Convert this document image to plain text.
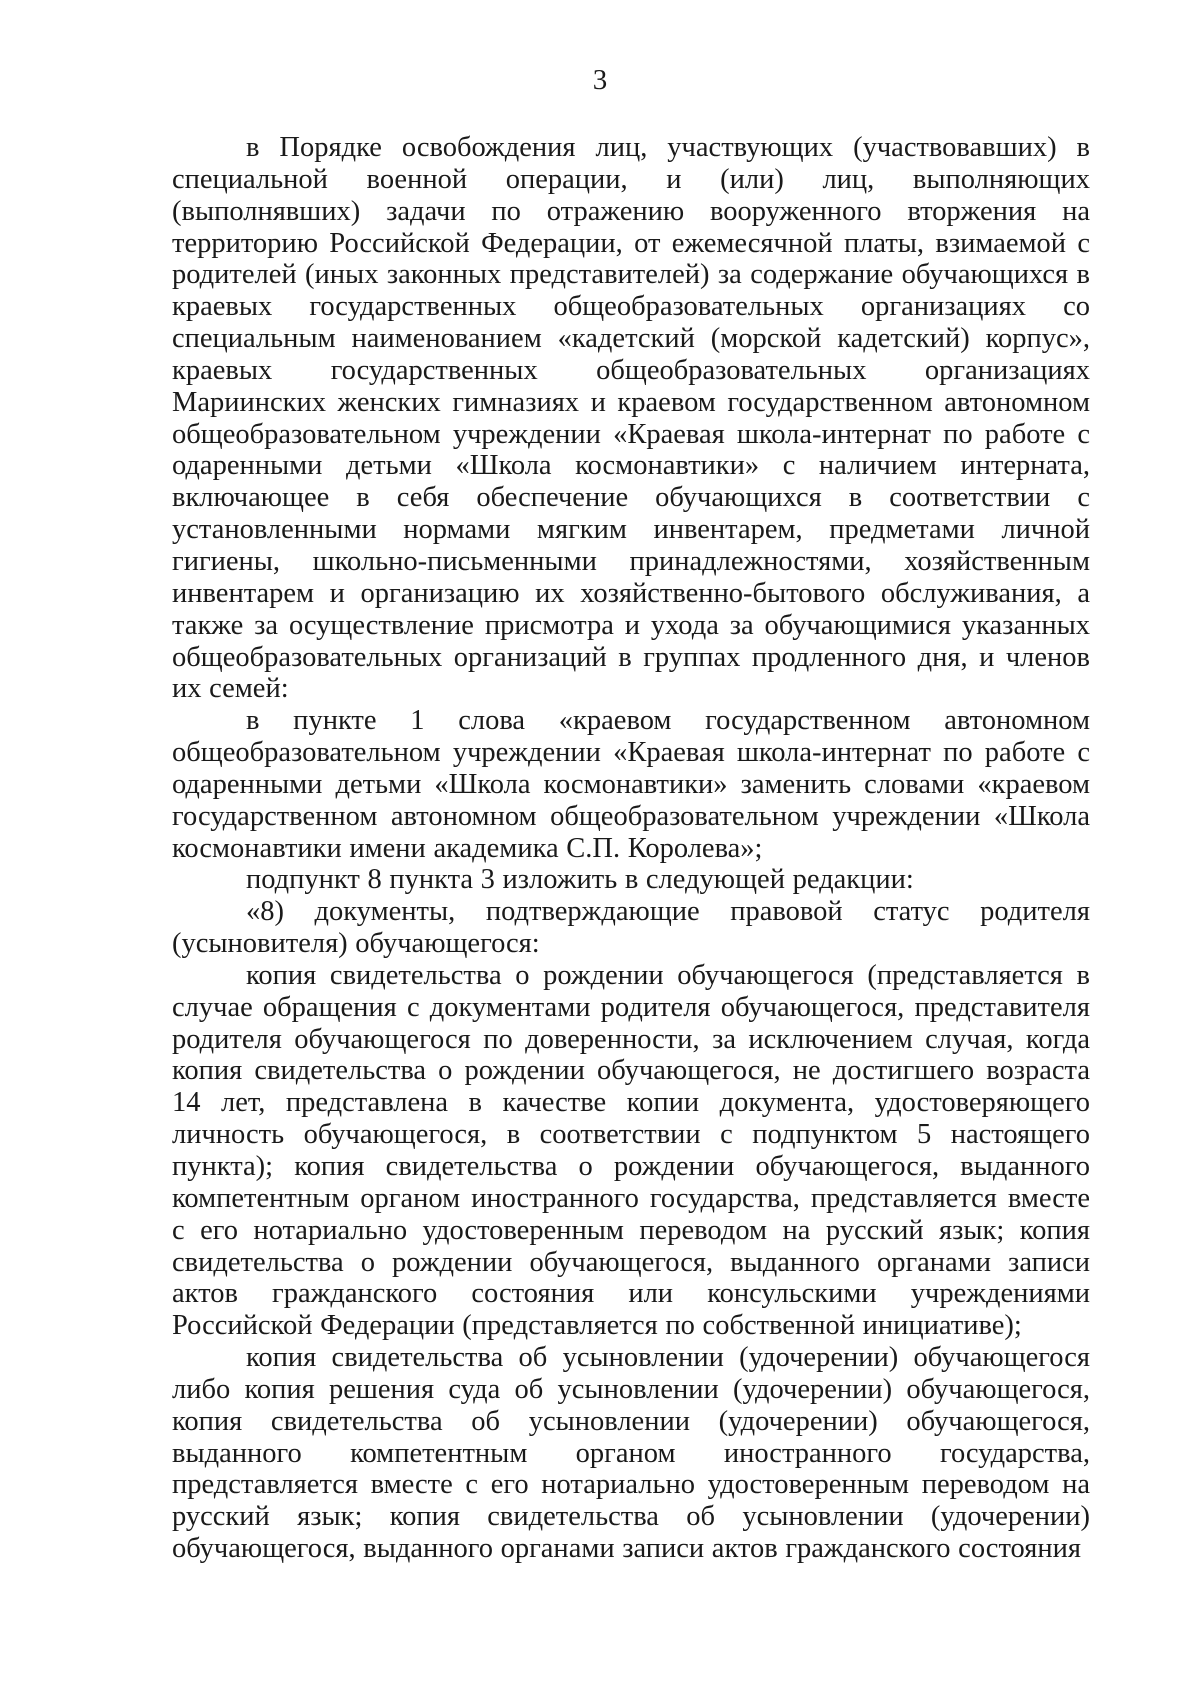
3

в Порядке освобождения лиц, участвующих (участвовавших) в специальной военной операции, и (или) лиц, выполняющих (выполнявших) задачи по отражению вооруженного вторжения на территорию Российской Федерации, от ежемесячной платы, взимаемой с родителей (иных законных представителей) за содержание обучающихся в краевых государственных общеобразовательных организациях со специальным наименованием «кадетский (морской кадетский) корпус», краевых государственных общеобразовательных организациях Мариинских женских гимназиях и краевом государственном автономном общеобразовательном учреждении «Краевая школа-интернат по работе с одаренными детьми «Школа космонавтики» с наличием интерната, включающее в себя обеспечение обучающихся в соответствии с установленными нормами мягким инвентарем, предметами личной гигиены, школьно-письменными принадлежностями, хозяйственным инвентарем и организацию их хозяйственно-бытового обслуживания, а также за осуществление присмотра и ухода за обучающимися указанных общеобразовательных организаций в группах продленного дня, и членов их семей:

в пункте 1 слова «краевом государственном автономном общеобразовательном учреждении «Краевая школа-интернат по работе с одаренными детьми «Школа космонавтики» заменить словами «краевом государственном автономном общеобразовательном учреждении «Школа космонавтики имени академика С.П. Королева»;

подпункт 8 пункта 3 изложить в следующей редакции:

«8) документы, подтверждающие правовой статус родителя (усыновителя) обучающегося:

копия свидетельства о рождении обучающегося (представляется в случае обращения с документами родителя обучающегося, представителя родителя обучающегося по доверенности, за исключением случая, когда копия свидетельства о рождении обучающегося, не достигшего возраста 14 лет, представлена в качестве копии документа, удостоверяющего личность обучающегося, в соответствии с подпунктом 5 настоящего пункта); копия свидетельства о рождении обучающегося, выданного компетентным органом иностранного государства, представляется вместе с его нотариально удостоверенным переводом на русский язык; копия свидетельства о рождении обучающегося, выданного органами записи актов гражданского состояния или консульскими учреждениями Российской Федерации (представляется по собственной инициативе);

копия свидетельства об усыновлении (удочерении) обучающегося либо копия решения суда об усыновлении (удочерении) обучающегося, копия свидетельства об усыновлении (удочерении) обучающегося, выданного компетентным органом иностранного государства, представляется вместе с его нотариально удостоверенным переводом на русский язык; копия свидетельства об усыновлении (удочерении) обучающегося, выданного органами записи актов гражданского состояния
